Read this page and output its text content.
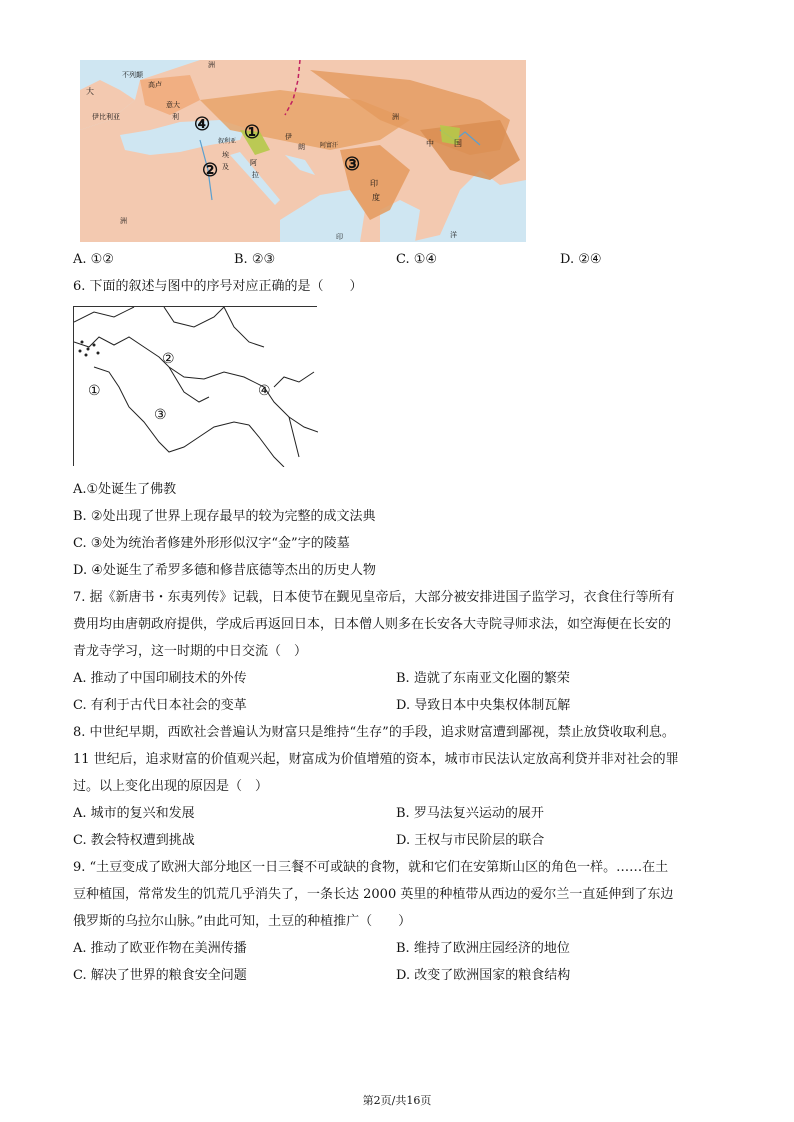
不列颠
高卢
大
伊比利亚
意大
利
洲
叙利亚
埃
及
伊
朗
阿
拉
阿富汗
印
度
中	国
洲
洲
印	洋
④ ①
②	③
A. ①②	B. ②③	C. ①④	D. ②④
6. 下面的叙述与图中的序号对应正确的是（　　）
②
①
③
④
A.①处诞生了佛教
B. ②处出现了世界上现存最早的较为完整的成文法典
C. ③处为统治者修建外形形似汉字“金”字的陵墓
D. ④处诞生了希罗多德和修昔底德等杰出的历史人物
7. 据《新唐书・东夷列传》记载，日本使节在觐见皇帝后，大部分被安排进国子监学习，衣食住行等所有
费用均由唐朝政府提供，学成后再返回日本，日本僧人则多在长安各大寺院寻师求法，如空海便在长安的
青龙寺学习，这一时期的中日交流（　）
A. 推动了中国印刷技术的外传	B. 造就了东南亚文化圈的繁荣
C. 有利于古代日本社会的变革	D. 导致日本中央集权体制瓦解
8. 中世纪早期，西欧社会普遍认为财富只是维持“生存”的手段，追求财富遭到鄙视，禁止放贷收取利息。
11 世纪后，追求财富的价值观兴起，财富成为价值增殖的资本，城市市民法认定放高利贷并非对社会的罪
过。以上变化出现的原因是（　）
A. 城市的复兴和发展	B. 罗马法复兴运动的展开
C. 教会特权遭到挑战	D. 王权与市民阶层的联合
9. “土豆变成了欧洲大部分地区一日三餐不可或缺的食物，就和它们在安第斯山区的角色一样。……在土
豆种植国，常常发生的饥荒几乎消失了，一条长达 2000 英里的种植带从西边的爱尔兰一直延伸到了东边
俄罗斯的乌拉尔山脉。”由此可知，土豆的种植推广（　　）
A. 推动了欧亚作物在美洲传播	B. 维持了欧洲庄园经济的地位
C. 解决了世界的粮食安全问题	D. 改变了欧洲国家的粮食结构
第2页/共16页
